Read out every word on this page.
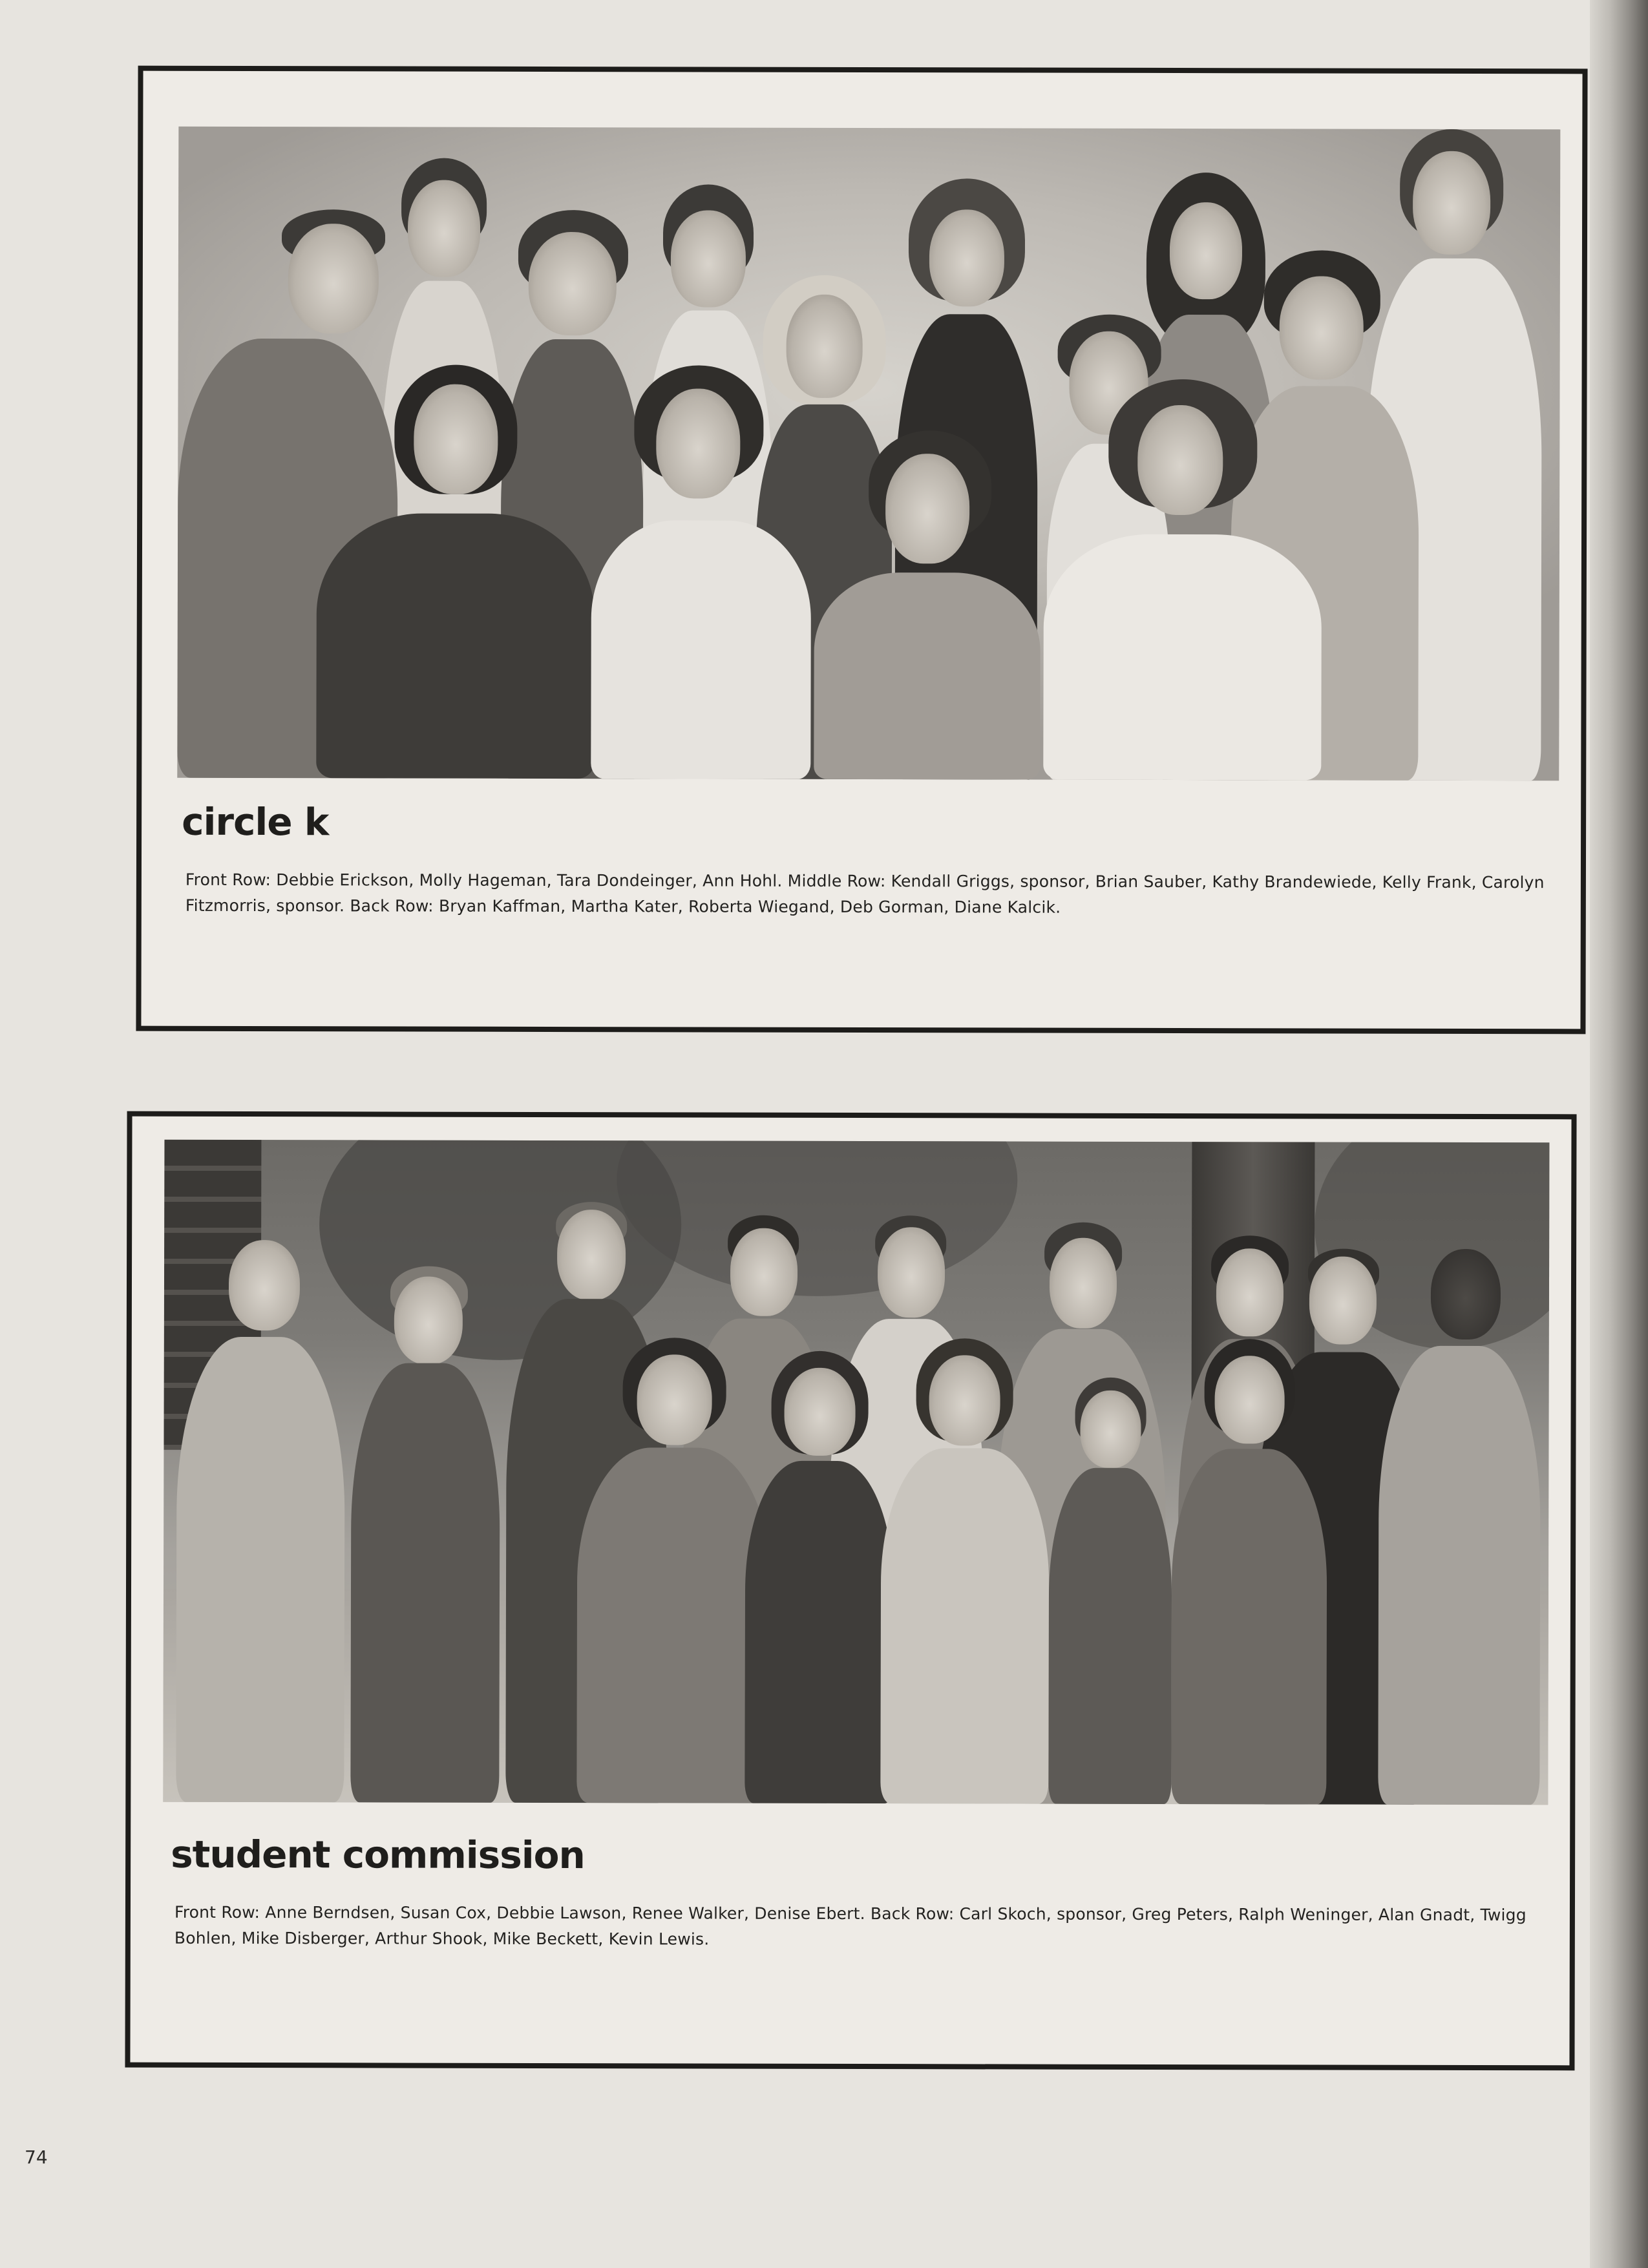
circle k

Front Row: Debbie Erickson, Molly Hageman, Tara Dondeinger, Ann Hohl. Middle Row: Kendall Griggs, sponsor, Brian Sauber, Kathy Brandewiede, Kelly Frank, Carolyn Fitzmorris, sponsor. Back Row: Bryan Kaffman, Martha Kater, Roberta Wiegand, Deb Gorman, Diane Kalcik.

student commission

Front Row: Anne Berndsen, Susan Cox, Debbie Lawson, Renee Walker, Denise Ebert. Back Row: Carl Skoch, sponsor, Greg Peters, Ralph Weninger, Alan Gnadt, Twigg Bohlen, Mike Disberger, Arthur Shook, Mike Beckett, Kevin Lewis.

74
